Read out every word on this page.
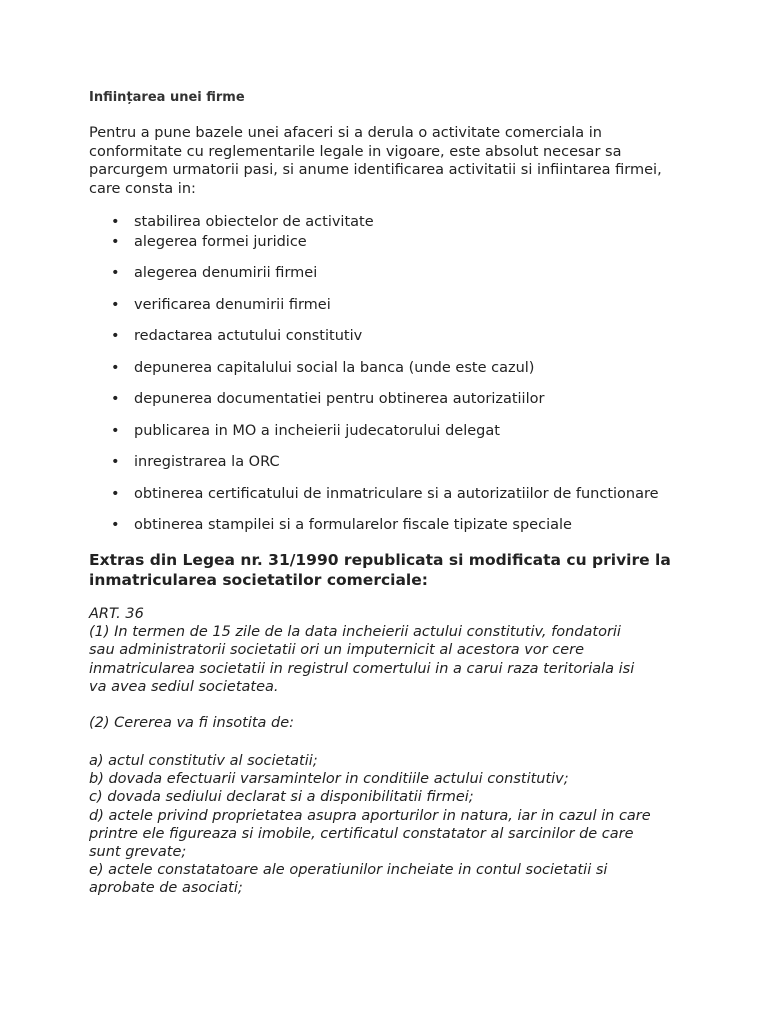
Inființarea unei firme

Pentru a pune bazele unei afaceri si a derula o activitate comerciala in conformitate cu reglementarile legale in vigoare, este absolut necesar sa parcurgem urmatorii pasi, si anume identificarea activitatii si infiintarea firmei, care consta in:

• stabilirea obiectelor de activitate
• alegerea formei juridice
• alegerea denumirii firmei
• verificarea denumirii firmei
• redactarea actutului constitutiv
• depunerea capitalului social la banca (unde este cazul)
• depunerea documentatiei pentru obtinerea autorizatiilor
• publicarea in MO a incheierii judecatorului delegat
• inregistrarea la ORC
• obtinerea certificatului de inmatriculare si a autorizatiilor de functionare
• obtinerea stampilei si a formularelor fiscale tipizate speciale
Extras din Legea nr. 31/1990 republicata si modificata cu privire la inmatricularea societatilor comerciale:
ART. 36
(1) In termen de 15 zile de la data incheierii actului constitutiv, fondatorii
sau administratorii societatii ori un imputernicit al acestora vor cere
inmatricularea societatii in registrul comertului in a carui raza teritoriala isi
va avea sediul societatea.
(2) Cererea va fi insotita de:
a) actul constitutiv al societatii;
b) dovada efectuarii varsamintelor in conditiile actului constitutiv;
c) dovada sediului declarat si a disponibilitatii firmei;
d) actele privind proprietatea asupra aporturilor in natura, iar in cazul in care
printre ele figureaza si imobile, certificatul constatator al sarcinilor de care
sunt grevate;
e) actele constatatoare ale operatiunilor incheiate in contul societatii si
aprobate de asociati;
